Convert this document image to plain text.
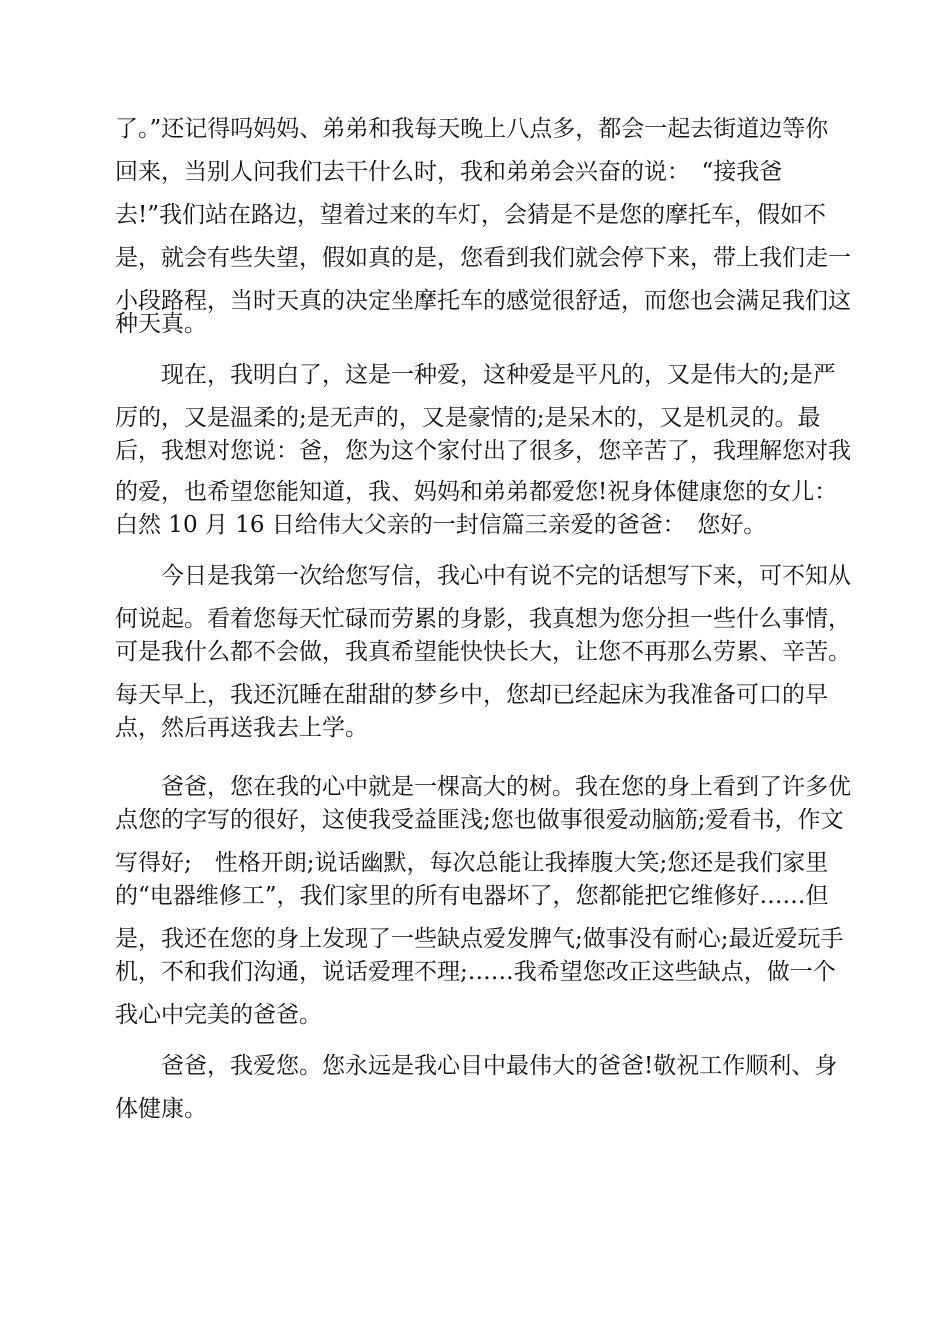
了。”还记得吗妈妈、弟弟和我每天晚上八点多，都会一起去街道边等你
回来，当别人问我们去干什么时，我和弟弟会兴奋的说：　“接我爸
去!”我们站在路边，望着过来的车灯，会猜是不是您的摩托车，假如不
是，就会有些失望，假如真的是，您看到我们就会停下来，带上我们走一
小段路程，当时天真的决定坐摩托车的感觉很舒适，而您也会满足我们这
种天真。
　　现在，我明白了，这是一种爱，这种爱是平凡的，又是伟大的;是严
厉的，又是温柔的;是无声的，又是豪情的;是呆木的，又是机灵的。最
后，我想对您说：爸，您为这个家付出了很多，您辛苦了，我理解您对我
的爱，也希望您能知道，我、妈妈和弟弟都爱您!祝身体健康您的女儿：
白然 10 月 16 日给伟大父亲的一封信篇三亲爱的爸爸：　您好。
　　今日是我第一次给您写信，我心中有说不完的话想写下来，可不知从
何说起。看着您每天忙碌而劳累的身影，我真想为您分担一些什么事情，
可是我什么都不会做，我真希望能快快长大，让您不再那么劳累、辛苦。
每天早上，我还沉睡在甜甜的梦乡中，您却已经起床为我准备可口的早
点，然后再送我去上学。
　　爸爸，您在我的心中就是一棵高大的树。我在您的身上看到了许多优
点您的字写的很好，这使我受益匪浅;您也做事很爱动脑筋;爱看书，作文
写得好;　性格开朗;说话幽默，每次总能让我捧腹大笑;您还是我们家里
的“电器维修工”，我们家里的所有电器坏了，您都能把它维修好……但
是，我还在您的身上发现了一些缺点爱发脾气;做事没有耐心;最近爱玩手
机，不和我们沟通，说话爱理不理;……我希望您改正这些缺点，做一个
我心中完美的爸爸。
　　爸爸，我爱您。您永远是我心目中最伟大的爸爸!敬祝工作顺利、身
体健康。
